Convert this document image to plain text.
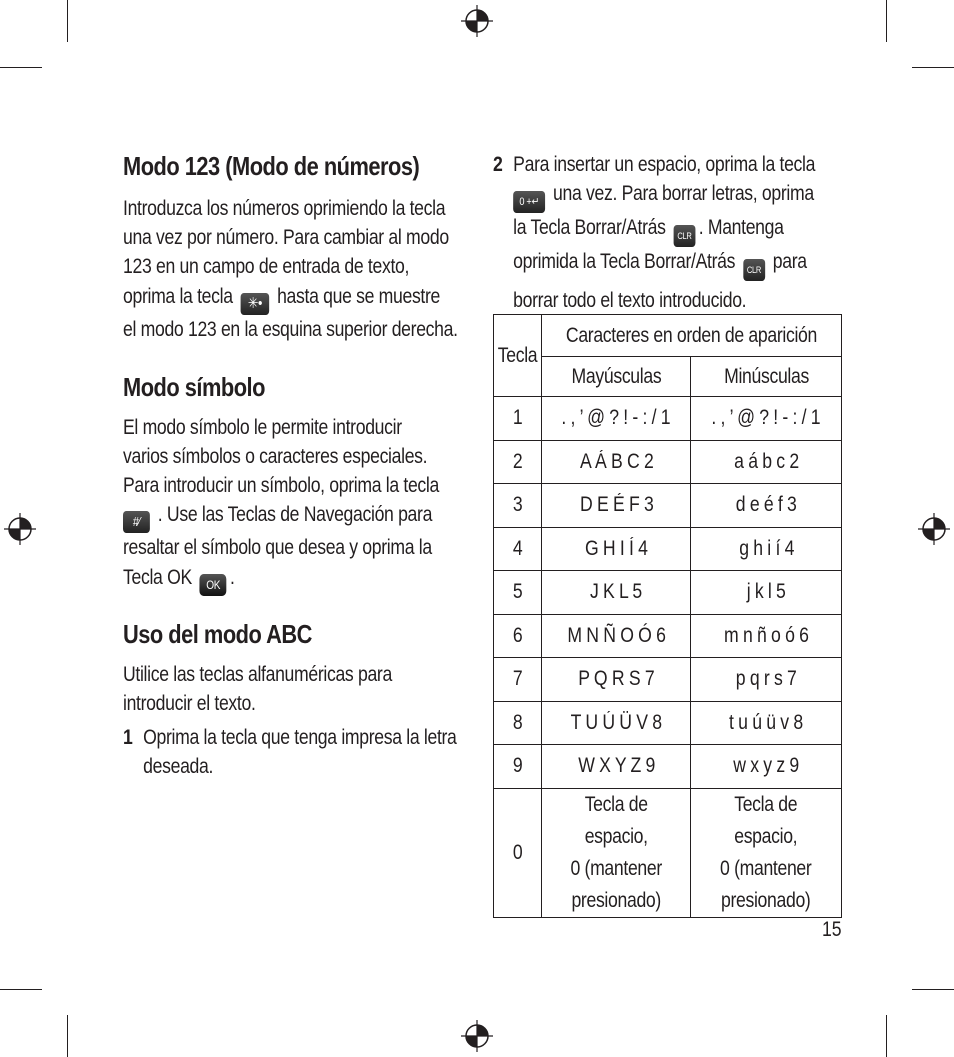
Modo 123 (Modo de números)

Introduzca los números oprimiendo la tecla
una vez por número. Para cambiar al modo
123 en un campo de entrada de texto,
oprima la tecla ✳• hasta que se muestre
el modo 123 en la esquina superior derecha.

Modo símbolo

El modo símbolo le permite introducir
varios símbolos o caracteres especiales.
Para introducir un símbolo, oprima la tecla
#⁄ . Use las Teclas de Navegación para
resaltar el símbolo que desea y oprima la
Tecla OK OK .

Uso del modo ABC

Utilice las teclas alfanuméricas para
introducir el texto.

1 Oprima la tecla que tenga impresa la letra
deseada.
2 Para insertar un espacio, oprima la tecla
0 +↵ una vez. Para borrar letras, oprima
la Tecla Borrar/Atrás CLR . Mantenga
oprimida la Tecla Borrar/Atrás CLR para
borrar todo el texto introducido.
Tecla	Caracteres en orden de aparición	
	Mayúsculas	Minúsculas
1	. , ’ @ ? ! - : / 1	. , ’ @ ? ! - : / 1
2	A Á B C 2	a á b c 2
3	D E É F 3	d e é f 3
4	G H I Í 4	g h i í 4
5	J K L 5	j k l 5
6	M N Ñ O Ó 6	m n ñ o ó 6
7	P Q R S 7	p q r s 7
8	T U Ú Ü V 8	t u ú ü v 8
9	W X Y Z 9	w x y z 9
0	Tecla de espacio,
0 (mantener
presionado)	Tecla de espacio,
0 (mantener
presionado)
15
